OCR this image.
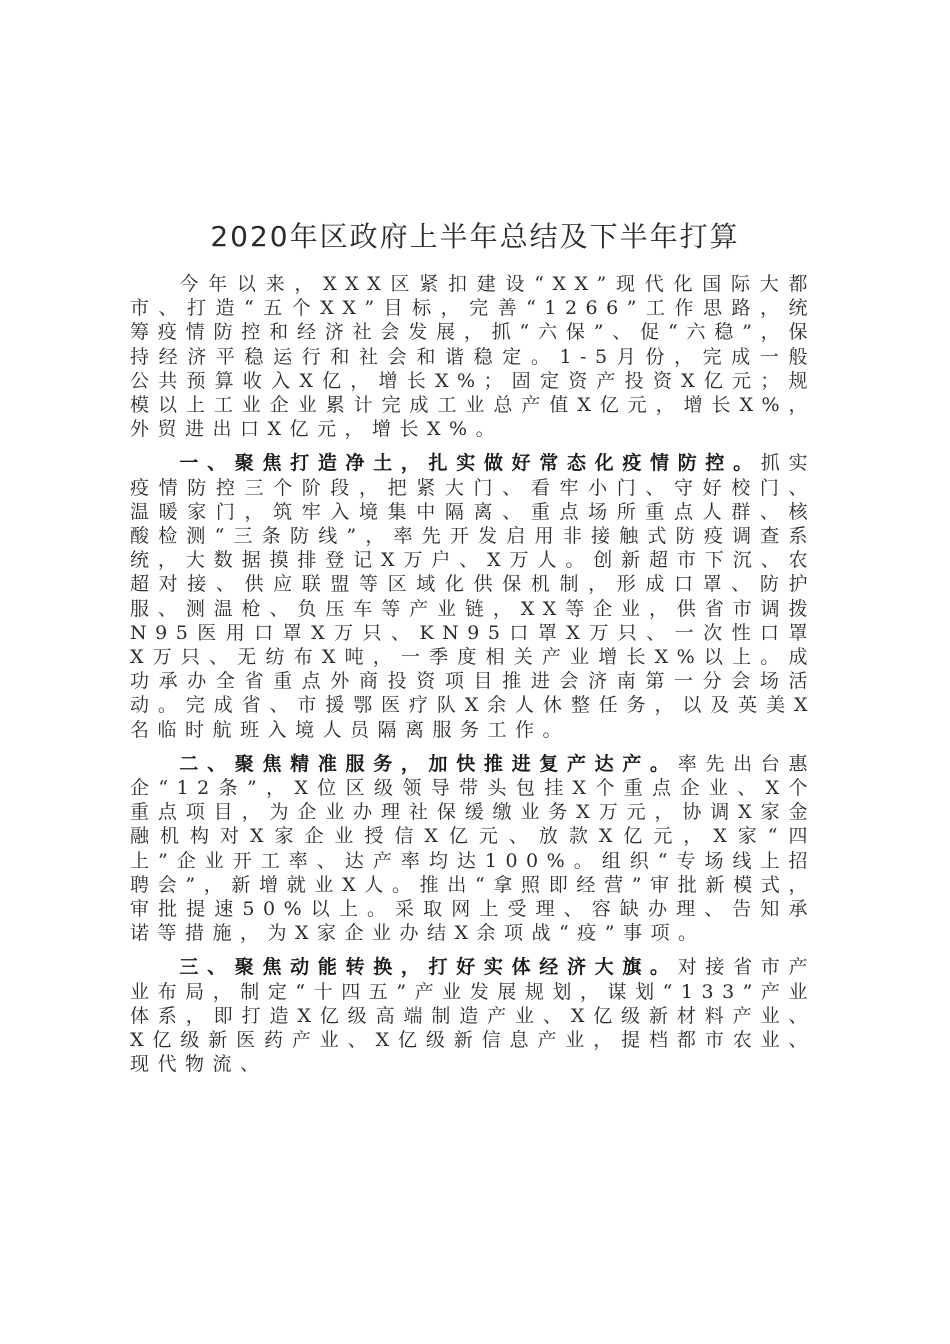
2020年区政府上半年总结及下半年打算

今年以来，XXX区紧扣建设“XX”现代化国际大都市、打造“五个XX”目标，完善“1266”工作思路，统筹疫情防控和经济社会发展，抓“六保”、促“六稳”，保持经济平稳运行和社会和谐稳定。1-5月份，完成一般公共预算收入X亿，增长X%；固定资产投资X亿元；规模以上工业企业累计完成工业总产值X亿元，增长X%，外贸进出口X亿元，增长X%。

一、聚焦打造净土，扎实做好常态化疫情防控。抓实疫情防控三个阶段，把紧大门、看牢小门、守好校门、温暖家门，筑牢入境集中隔离、重点场所重点人群、核酸检测“三条防线”，率先开发启用非接触式防疫调查系统，大数据摸排登记X万户、X万人。创新超市下沉、农超对接、供应联盟等区域化供保机制，形成口罩、防护服、测温枪、负压车等产业链，XX等企业，供省市调拨N95医用口罩X万只、KN95口罩X万只、一次性口罩X万只、无纺布X吨，一季度相关产业增长X%以上。成功承办全省重点外商投资项目推进会济南第一分会场活动。完成省、市援鄂医疗队X余人休整任务，以及英美X名临时航班入境人员隔离服务工作。

二、聚焦精准服务，加快推进复产达产。率先出台惠企“12条”，X位区级领导带头包挂X个重点企业、X个重点项目，为企业办理社保缓缴业务X万元，协调X家金融机构对X家企业授信X亿元、放款X亿元，X家“四上”企业开工率、达产率均达100%。组织“专场线上招聘会”，新增就业X人。推出“拿照即经营”审批新模式，审批提速50%以上。采取网上受理、容缺办理、告知承诺等措施，为X家企业办结X余项战“疫”事项。

三、聚焦动能转换，打好实体经济大旗。对接省市产业布局，制定“十四五”产业发展规划，谋划“133”产业体系，即打造X亿级高端制造产业、X亿级新材料产业、X亿级新医药产业、X亿级新信息产业，提档都市农业、现代物流、
